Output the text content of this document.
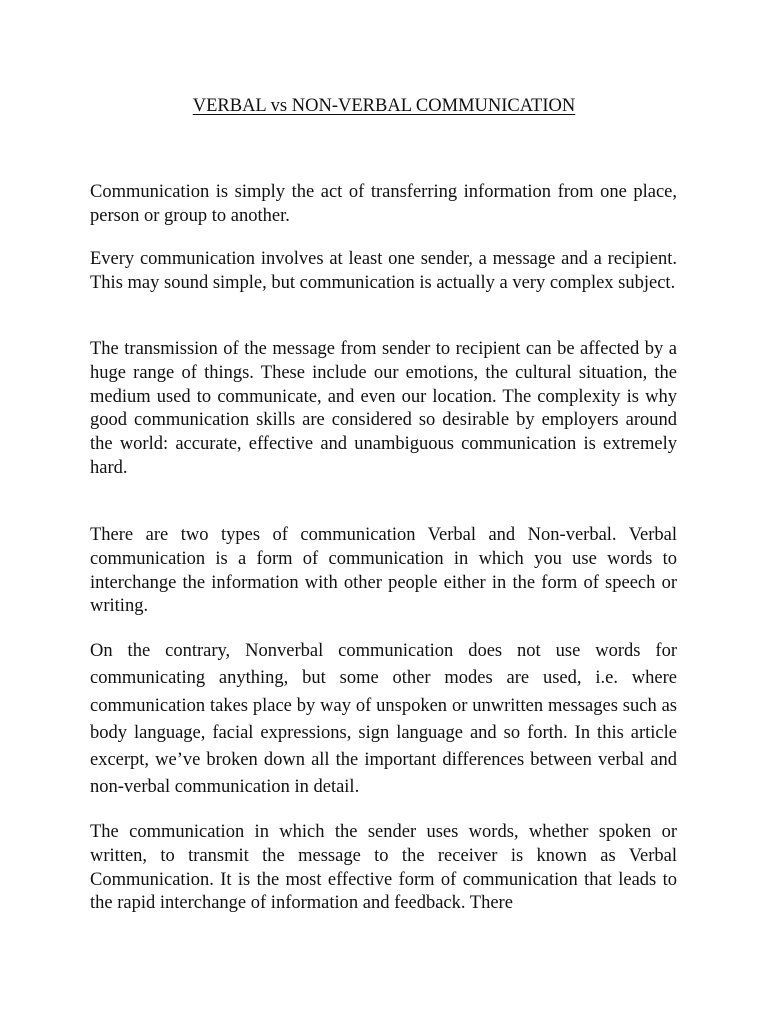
VERBAL vs NON-VERBAL COMMUNICATION

Communication is simply the act of transferring information from one place, person or group to another.

Every communication involves at least one sender, a message and a recipient. This may sound simple, but communication is actually a very complex subject.

The transmission of the message from sender to recipient can be affected by a huge range of things. These include our emotions, the cultural situation, the medium used to communicate, and even our location. The complexity is why good communication skills are considered so desirable by employers around the world: accurate, effective and unambiguous communication is extremely hard.

There are two types of communication Verbal and Non-verbal. Verbal communication is a form of communication in which you use words to interchange the information with other people either in the form of speech or writing.

On the contrary, Nonverbal communication does not use words for communicating anything, but some other modes are used, i.e. where communication takes place by way of unspoken or unwritten messages such as body language, facial expressions, sign language and so forth. In this article excerpt, we’ve broken down all the important differences between verbal and non-verbal communication in detail.

The communication in which the sender uses words, whether spoken or written, to transmit the message to the receiver is known as Verbal Communication. It is the most effective form of communication that leads to the rapid interchange of information and feedback. There
